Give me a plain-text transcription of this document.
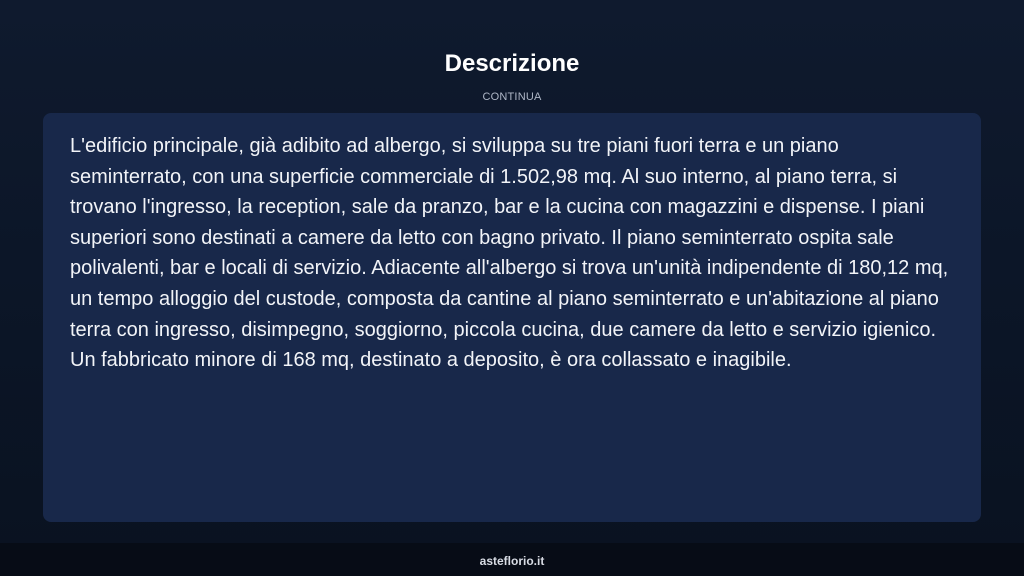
Descrizione
CONTINUA

L'edificio principale, già adibito ad albergo, si sviluppa su tre piani fuori terra e un piano seminterrato, con una superficie commerciale di 1.502,98 mq. Al suo interno, al piano terra, si trovano l'ingresso, la reception, sale da pranzo, bar e la cucina con magazzini e dispense. I piani superiori sono destinati a camere da letto con bagno privato. Il piano seminterrato ospita sale polivalenti, bar e locali di servizio. Adiacente all'albergo si trova un'unità indipendente di 180,12 mq, un tempo alloggio del custode, composta da cantine al piano seminterrato e un'abitazione al piano terra con ingresso, disimpegno, soggiorno, piccola cucina, due camere da letto e servizio igienico. Un fabbricato minore di 168 mq, destinato a deposito, è ora collassato e inagibile.

asteflorio.it
